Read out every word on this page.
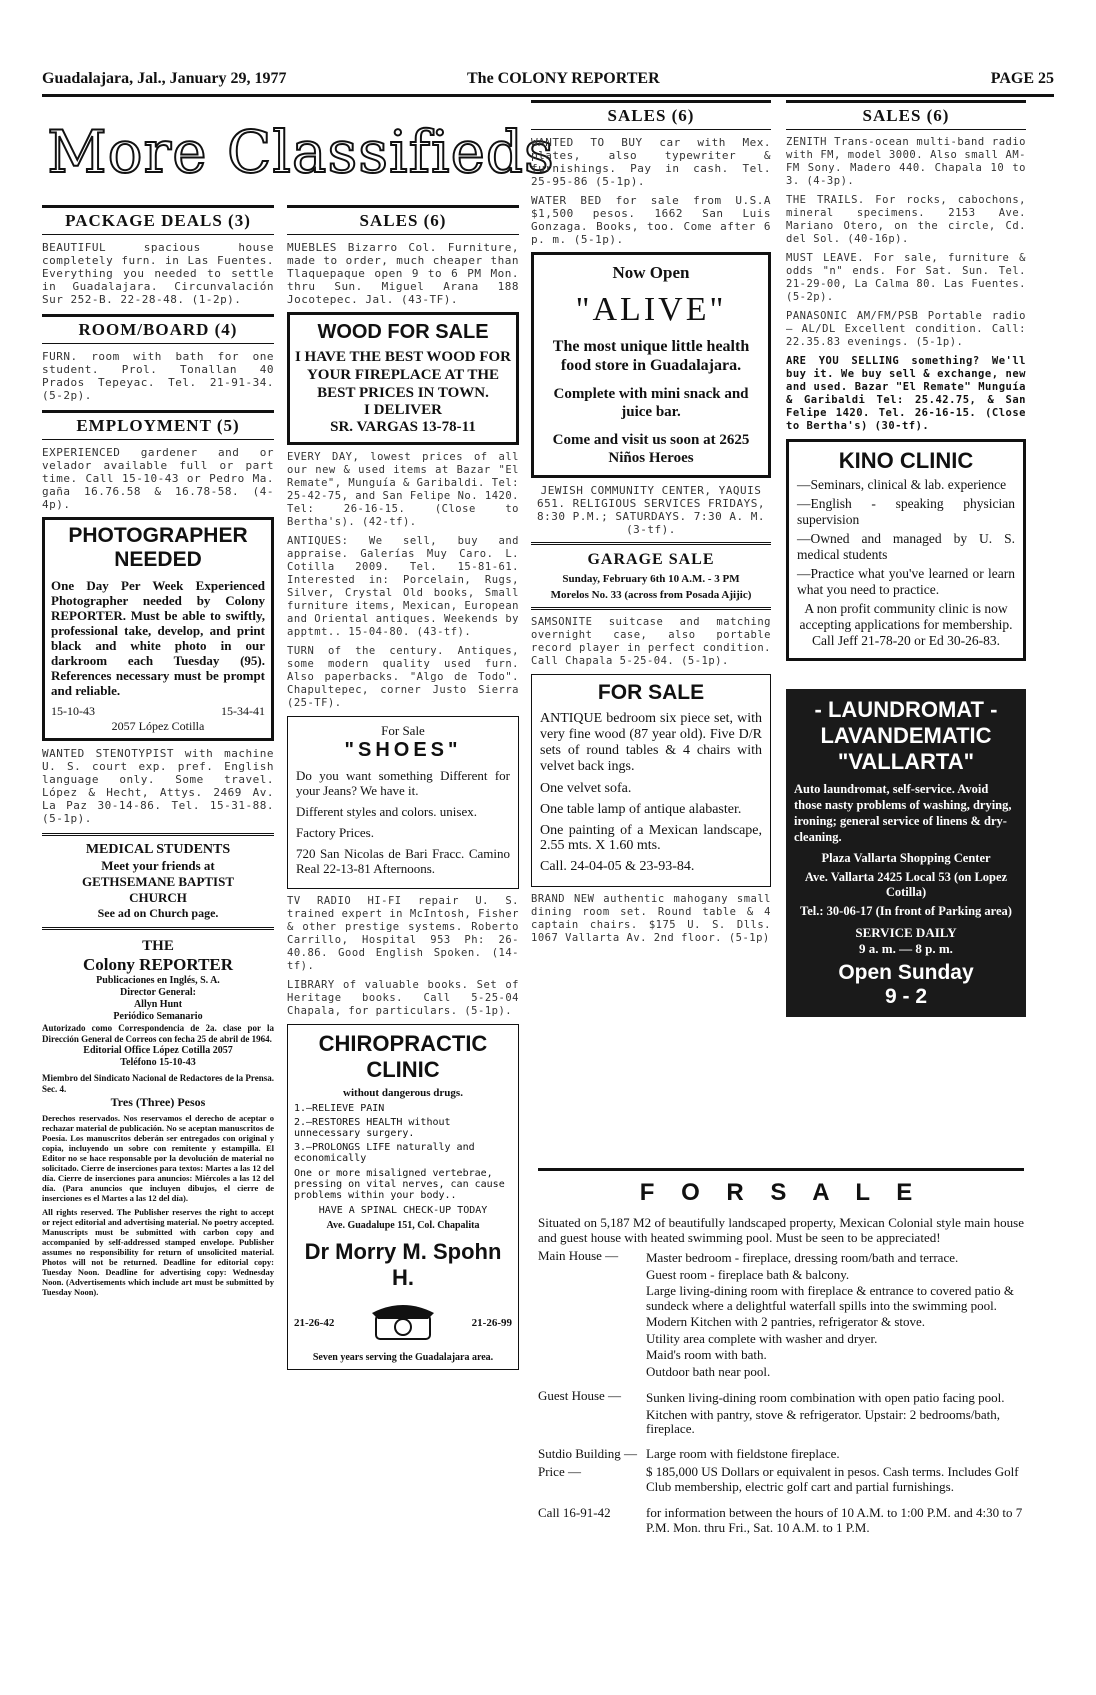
Guadalajara, Jal., January 29, 1977	The COLONY REPORTER	PAGE 25
More Classifieds
PACKAGE DEALS (3)
BEAUTIFUL spacious house completely furn. in Las Fuentes. Everything you needed to settle in Guadalajara. Circunvalación Sur 252-B. 22-28-48. (1-2p).
ROOM/BOARD (4)
FURN. room with bath for one student. Prol. Tonallan 40 Prados Tepeyac. Tel. 21-91-34. (5-2p).
EMPLOYMENT (5)
EXPERIENCED gardener and or velador available full or part time. Call 15-10-43 or Pedro Ma. gaña 16.76.58 & 16.78-58. (4-4p).
PHOTOGRAPHER NEEDED
One Day Per Week Experienced Photographer needed by Colony REPORTER. Must be able to swiftly, professional take, develop, and print black and white photo in our darkroom each Tuesday (95). References necessary must be prompt and reliable.
15-10-43	15-34-41
2057 López Cotilla
WANTED STENOTYPIST with machine U. S. court exp. pref. English language only. Some travel. López & Hecht, Attys. 2469 Av. La Paz 30-14-86. Tel. 15-31-88. (5-1p).
MEDICAL STUDENTS
Meet your friends at
GETHSEMANE BAPTIST
CHURCH
See ad on Church page.
THE
Colony REPORTER
Publicaciones en Inglés, S. A.
Director General:
Allyn Hunt
Periódico Semanario
Autorizado como Correspondencia de 2a. clase por la Dirección General de Correos con fecha 25 de abril de 1964.
Editorial Office López Cotilla 2057
Teléfono 15-10-43
Miembro del Sindicato Nacional de Redactores de la Prensa. Sec. 4.
Tres (Three) Pesos
Derechos reservados. Nos reservamos el derecho de aceptar o rechazar material de publicación. No se aceptan manuscritos de Poesía. Los manuscritos deberán ser entregados con original y copia, incluyendo un sobre con remitente y estampilla. El Editor no se hace responsable por la devolución de material no solicitado. Cierre de inserciones para textos: Martes a las 12 del día. Cierre de inserciones para anuncios: Miércoles a las 12 del día. (Para anuncios que incluyen dibujos, el cierre de inserciones es el Martes a las 12 del día).
All rights reserved. The Publisher reserves the right to accept or reject editorial and advertising material. No poetry accepted. Manuscripts must be submitted with carbon copy and accompanied by self-addressed stamped envelope. Publisher assumes no responsibility for return of unsolicited material. Photos will not be returned. Deadline for editorial copy: Tuesday Noon. Deadline for advertising copy: Wednesday Noon. (Advertisements which include art must be submitted by Tuesday Noon).
SALES (6)
MUEBLES Bizarro Col. Furniture, made to order, much cheaper than Tlaquepaque open 9 to 6 PM Mon. thru Sun. Miguel Arana 188 Jocotepec. Jal. (43-TF).
WOOD FOR SALE
I HAVE THE BEST WOOD FOR YOUR FIREPLACE AT THE BEST PRICES IN TOWN.
I DELIVER
SR. VARGAS 13-78-11
EVERY DAY, lowest prices of all our new & used items at Bazar "El Remate", Munguía & Garibaldi. Tel: 25-42-75, and San Felipe No. 1420. Tel: 26-16-15. (Close to Bertha's). (42-tf).
ANTIQUES: We sell, buy and appraise. Galerías Muy Caro. L. Cotilla 2009. Tel. 15-81-61. Interested in: Porcelain, Rugs, Silver, Crystal Old books, Small furniture items, Mexican, European and Oriental antiques. Weekends by apptmt.. 15-04-80. (43-tf).
TURN of the century. Antiques, some modern quality used furn. Also paperbacks. "Algo de Todo". Chapultepec, corner Justo Sierra (25-TF).
For Sale
"SHOES"
Do you want something Different for your Jeans? We have it.
Different styles and colors. unisex.
Factory Prices.
720 San Nicolas de Bari Fracc. Camino Real 22-13-81 Afternoons.
TV RADIO HI-FI repair U. S. trained expert in McIntosh, Fisher & other prestige systems. Roberto Carrillo, Hospital 953 Ph: 26-40.86. Good English Spoken. (14-tf).
LIBRARY of valuable books. Set of Heritage books. Call 5-25-04 Chapala, for particulars. (5-1p).
CHIROPRACTIC
CLINIC
without dangerous drugs.
1.—RELIEVE PAIN
2.—RESTORES HEALTH without unnecessary surgery.
3.—PROLONGS LIFE naturally and economically
One or more misaligned vertebrae, pressing on vital nerves, can cause problems within your body..
HAVE A SPINAL CHECK-UP TODAY
Ave. Guadalupe 151, Col. Chapalita
Dr Morry M. Spohn H.
21-26-42	21-26-99
Seven years serving the Guadalajara area.
SALES (6)
WANTED TO BUY car with Mex. plates, also typewriter & furnishings. Pay in cash. Tel. 25-95-86 (5-1p).
WATER BED for sale from U.S.A $1,500 pesos. 1662 San Luis Gonzaga. Books, too. Come after 6 p. m. (5-1p).
Now Open
"ALIVE"
The most unique little health food store in Guadalajara.
Complete with mini snack and juice bar.
Come and visit us soon at 2625 Niños Heroes
JEWISH COMMUNITY CENTER, YAQUIS 651. RELIGIOUS SERVICES FRIDAYS, 8:30 P.M.; SATURDAYS. 7:30 A. M. (3-tf).
GARAGE SALE
Sunday, February 6th 10 A.M. - 3 PM
Morelos No. 33 (across from Posada Ajijic)
SAMSONITE suitcase and matching overnight case, also portable record player in perfect condition. Call Chapala 5-25-04. (5-1p).
FOR SALE
ANTIQUE bedroom six piece set, with very fine wood (87 year old). Five D/R sets of round tables & 4 chairs with velvet back ings.
One velvet sofa.
One table lamp of antique alabaster.
One painting of a Mexican landscape, 2.55 mts. X 1.60 mts.
Call. 24-04-05 & 23-93-84.
BRAND NEW authentic mahogany small dining room set. Round table & 4 captain chairs. $175 U. S. Dlls. 1067 Vallarta Av. 2nd floor. (5-1p)
SALES (6)
ZENITH Trans-ocean multi-band radio with FM, model 3000. Also small AM-FM Sony. Madero 440. Chapala 10 to 3. (4-3p).
THE TRAILS. For rocks, cabochons, mineral specimens. 2153 Ave. Mariano Otero, on the circle, Cd. del Sol. (40-16p).
MUST LEAVE. For sale, furniture & odds "n" ends. For Sat. Sun. Tel. 21-29-00, La Calma 80. Las Fuentes. (5-2p).
PANASONIC AM/FM/PSB Portable radio — AL/DL Excellent condition. Call: 22.35.83 evenings. (5-1p).
ARE YOU SELLING something? We'll buy it. We buy sell & exchange, new and used. Bazar "El Remate" Munguía & Garibaldi Tel: 25.42.75, & San Felipe 1420. Tel. 26-16-15. (Close to Bertha's) (30-tf).
KINO CLINIC
—Seminars, clinical & lab. experience
—English - speaking physician supervision
—Owned and managed by U. S. medical students
—Practice what you've learned or learn what you need to practice.
A non profit community clinic is now accepting applications for membership. Call Jeff 21-78-20 or Ed 30-26-83.
- LAUNDROMAT -
LAVANDEMATIC
"VALLARTA"
Auto laundromat, self-service. Avoid those nasty problems of washing, drying, ironing; general service of linens & dry-cleaning.
Plaza Vallarta Shopping Center
Ave. Vallarta 2425 Local 53 (on Lopez Cotilla)
Tel.: 30-06-17 (In front of Parking area)
SERVICE DAILY
9 a. m. — 8 p. m.
Open Sunday
9 - 2
F O R S A L E
Situated on 5,187 M2 of beautifully landscaped property, Mexican Colonial style main house and guest house with heated swimming pool. Must be seen to be appreciated!
Main House —	Master bedroom - fireplace, dressing room/bath and terrace.
Guest room - fireplace bath & balcony.
Large living-dining room with fireplace & entrance to covered patio & sundeck where a delightful waterfall spills into the swimming pool.
Modern Kitchen with 2 pantries, refrigerator & stove.
Utility area complete with washer and dryer.
Maid's room with bath.
Outdoor bath near pool.
Guest House —	Sunken living-dining room combination with open patio facing pool.
Kitchen with pantry, stove & refrigerator. Upstair: 2 bedrooms/bath, fireplace.
Sutdio Building — Large room with fieldstone fireplace.
Price —	$ 185,000 US Dollars or equivalent in pesos. Cash terms. Includes Golf Club membership, electric golf cart and partial furnishings.
Call 16-91-42	for information between the hours of 10 A.M. to 1:00 P.M. and 4:30 to 7 P.M. Mon. thru Fri., Sat. 10 A.M. to 1 P.M.
